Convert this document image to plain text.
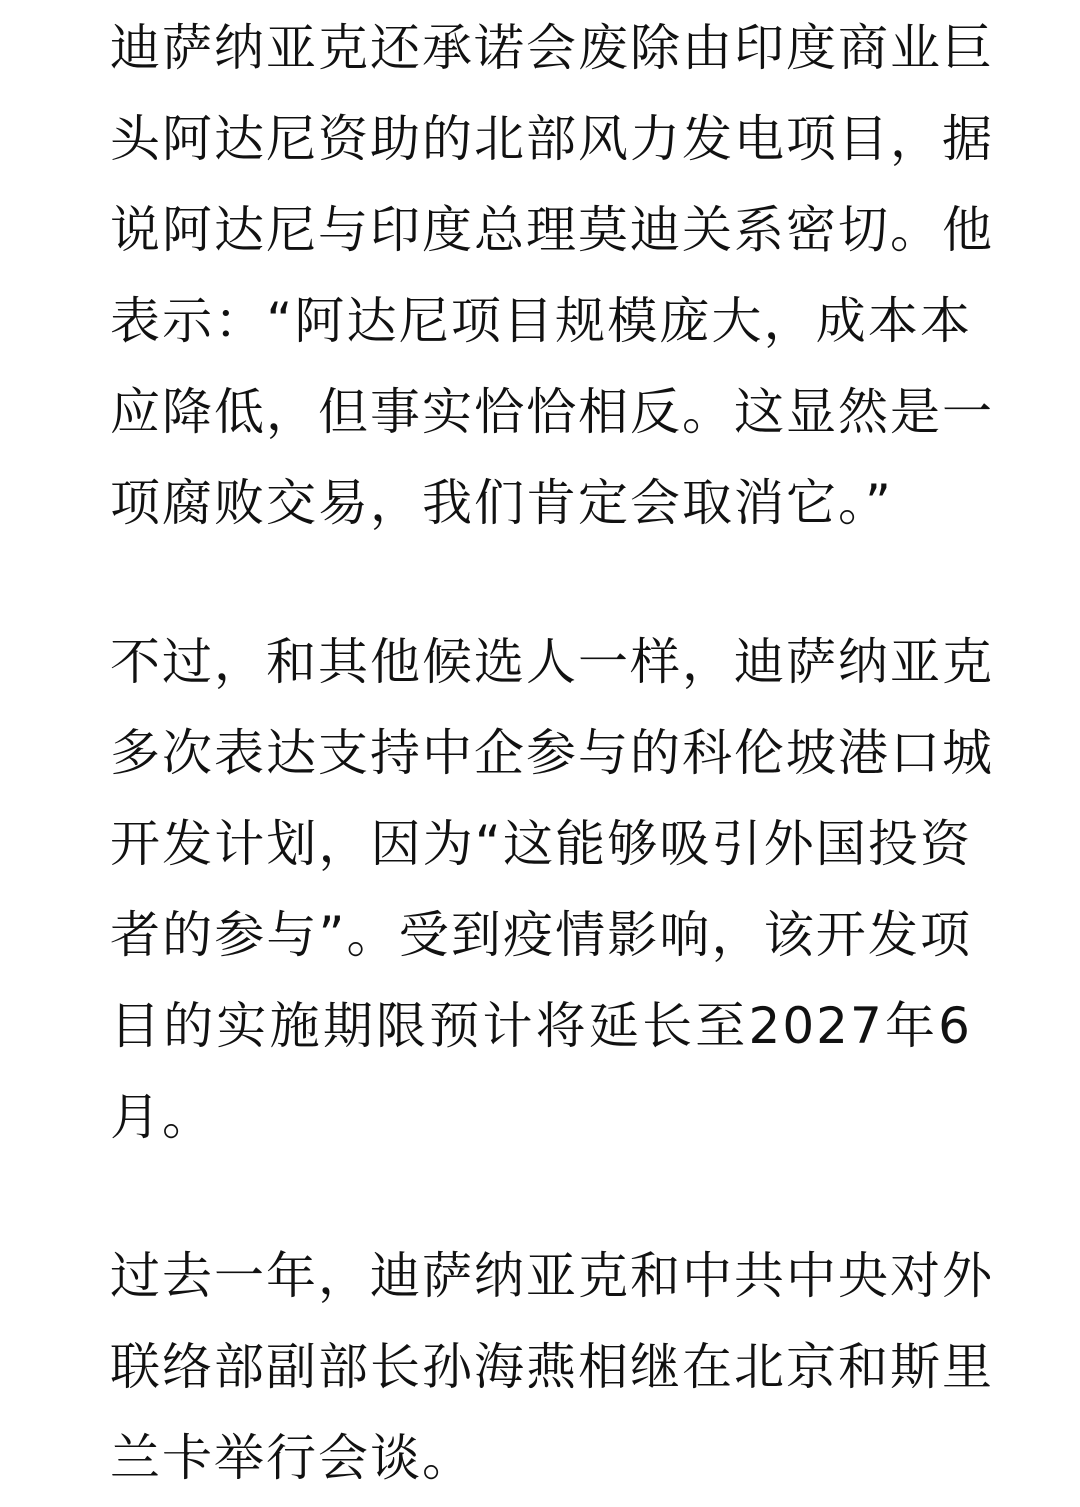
迪萨纳亚克还承诺会废除由印度商业巨
头阿达尼资助的北部风力发电项目，据
说阿达尼与印度总理莫迪关系密切。他
表示：“阿达尼项目规模庞大，成本本
应降低，但事实恰恰相反。这显然是一
项腐败交易，我们肯定会取消它。”
不过，和其他候选人一样，迪萨纳亚克
多次表达支持中企参与的科伦坡港口城
开发计划，因为“这能够吸引外国投资
者的参与”。受到疫情影响，该开发项
目的实施期限预计将延长至2027年6
月。
过去一年，迪萨纳亚克和中共中央对外
联络部副部长孙海燕相继在北京和斯里
兰卡举行会谈。
